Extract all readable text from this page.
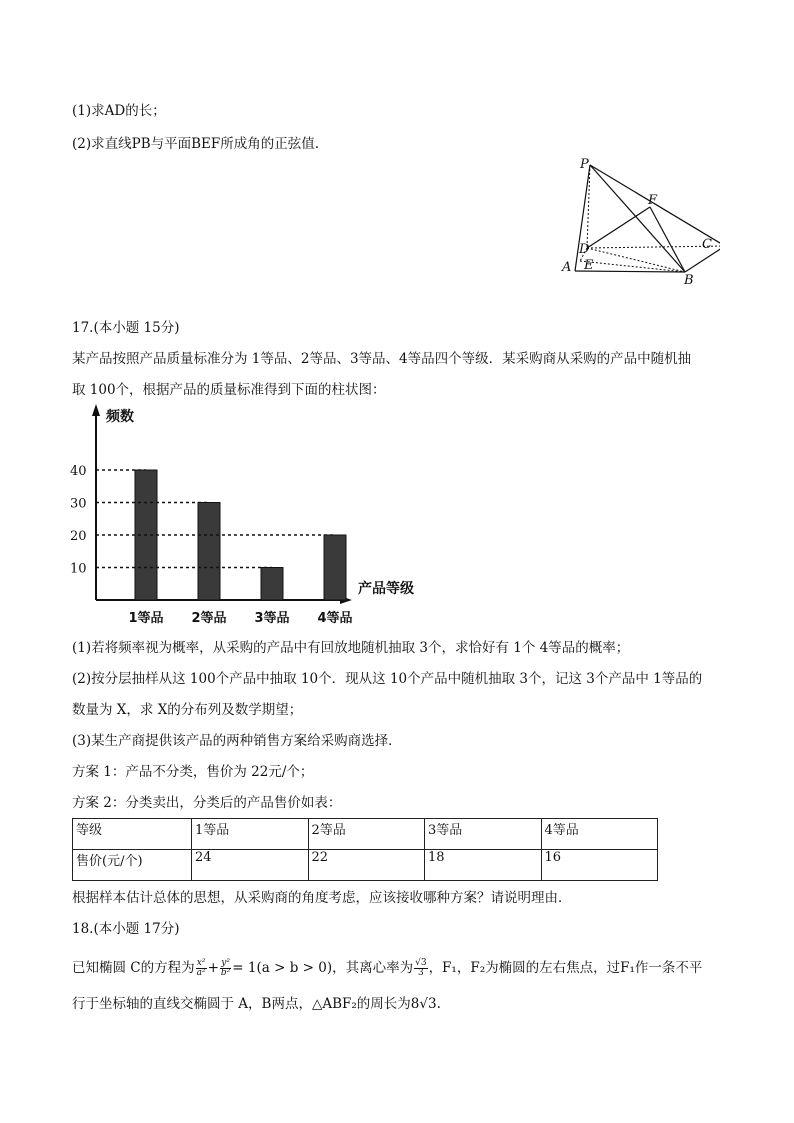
(1)求AD的长；
(2)求直线PB与平面BEF所成角的正弦值.
P
F
C
D
A E
B
17.(本小题 15分)
某产品按照产品质量标准分为 1等品、2等品、3等品、4等品四个等级．某采购商从采购的产品中随机抽
取 100个，根据产品的质量标准得到下面的柱状图：
频数
产品等级
10
20
30
40
1等品 2等品 3等品 4等品
(1)若将频率视为概率，从采购的产品中有回放地随机抽取 3个，求恰好有 1个 4等品的概率；
(2)按分层抽样从这 100个产品中抽取 10个．现从这 10个产品中随机抽取 3个，记这 3个产品中 1等品的
数量为 X，求 X的分布列及数学期望；
(3)某生产商提供该产品的两种销售方案给采购商选择．
方案 1：产品不分类，售价为 22元/个；
方案 2：分类卖出，分类后的产品售价如表：
等级	1等品	2等品	3等品	4等品
售价(元/个)	24	22	18	16
根据样本估计总体的思想，从采购商的角度考虑，应该接收哪种方案？请说明理由．
18.(本小题 17分)
已知椭圆 C的方程为 $\frac{\text{x²}}{\text{a²}} + \frac{\text{y²}}{\text{b²}} = 1(a > b > 0)$，其离心率为 $\frac{√3}{3}$ ，F₁，F₂为椭圆的左右焦点，过F₁作一条不平
行于坐标轴的直线交椭圆于 A，B两点，△ABF₂的周长为8√3.
